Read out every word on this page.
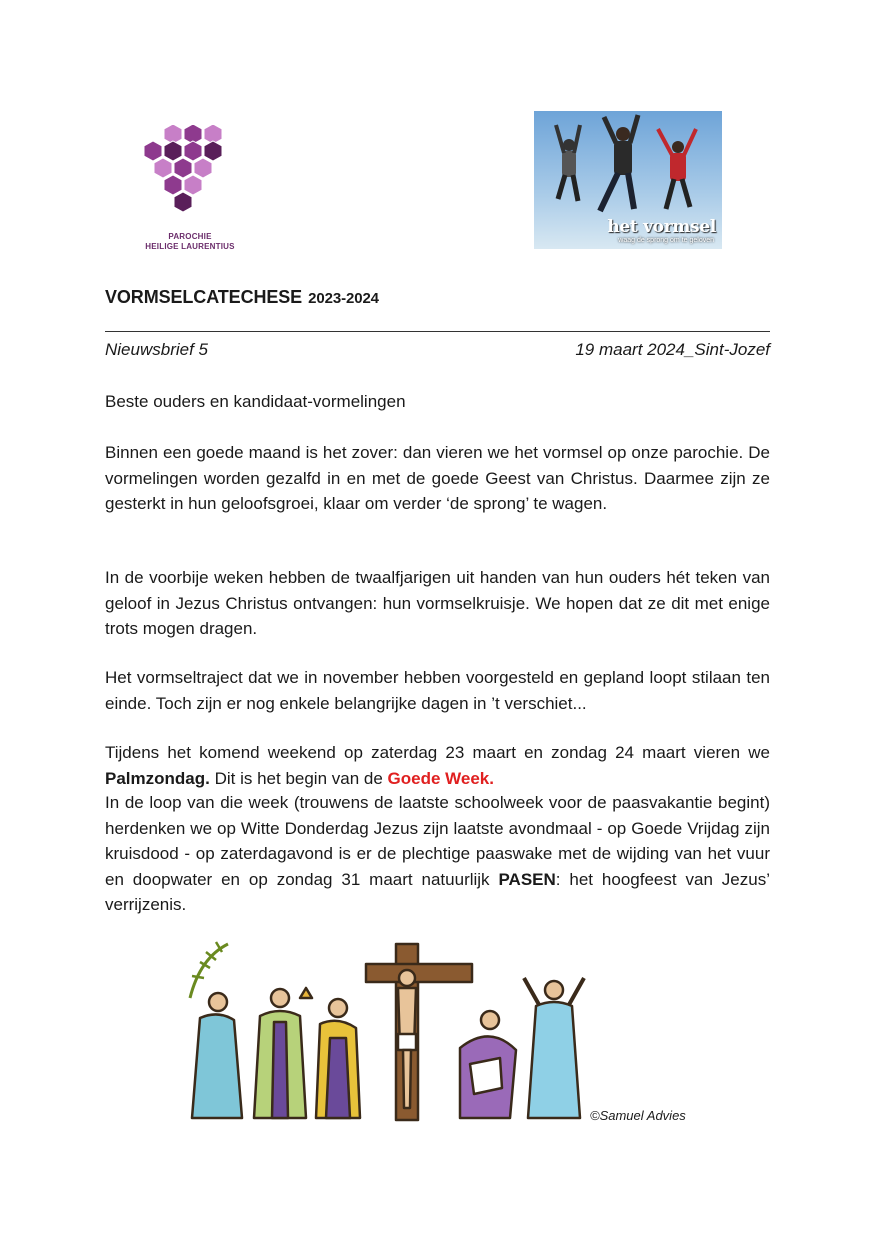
PAROCHIE
HEILIGE LAURENTIUS
het vormsel
waag de sprong om te geloven
VORMSELCATECHESE 2023-2024
Nieuwsbrief 5	19 maart 2024_Sint-Jozef
Beste ouders en kandidaat-vormelingen
Binnen een goede maand is het zover: dan vieren we het vormsel op onze parochie. De vormelingen worden gezalfd in en met de goede Geest van Christus. Daarmee zijn ze gesterkt in hun geloofsgroei, klaar om verder ‘de sprong’ te wagen.
In de voorbije weken hebben de twaalfjarigen uit handen van hun ouders hét teken van geloof in Jezus Christus ontvangen: hun vormselkruisje. We hopen dat ze dit met enige trots mogen dragen.
Het vormseltraject dat we in november hebben voorgesteld en gepland loopt stilaan ten einde. Toch zijn er nog enkele belangrijke dagen in ’t verschiet...
Tijdens het komend weekend op zaterdag 23 maart en zondag 24 maart vieren we Palmzondag. Dit is het begin van de Goede Week.
In de loop van die week (trouwens de laatste schoolweek voor de paasvakantie begint) herdenken we op Witte Donderdag Jezus zijn laatste avondmaal - op Goede Vrijdag zijn kruisdood - op zaterdagavond is er de plechtige paaswake met de wijding van het vuur en doopwater en op zondag 31 maart natuurlijk PASEN: het hoogfeest van Jezus’ verrijzenis.
©Samuel Advies
